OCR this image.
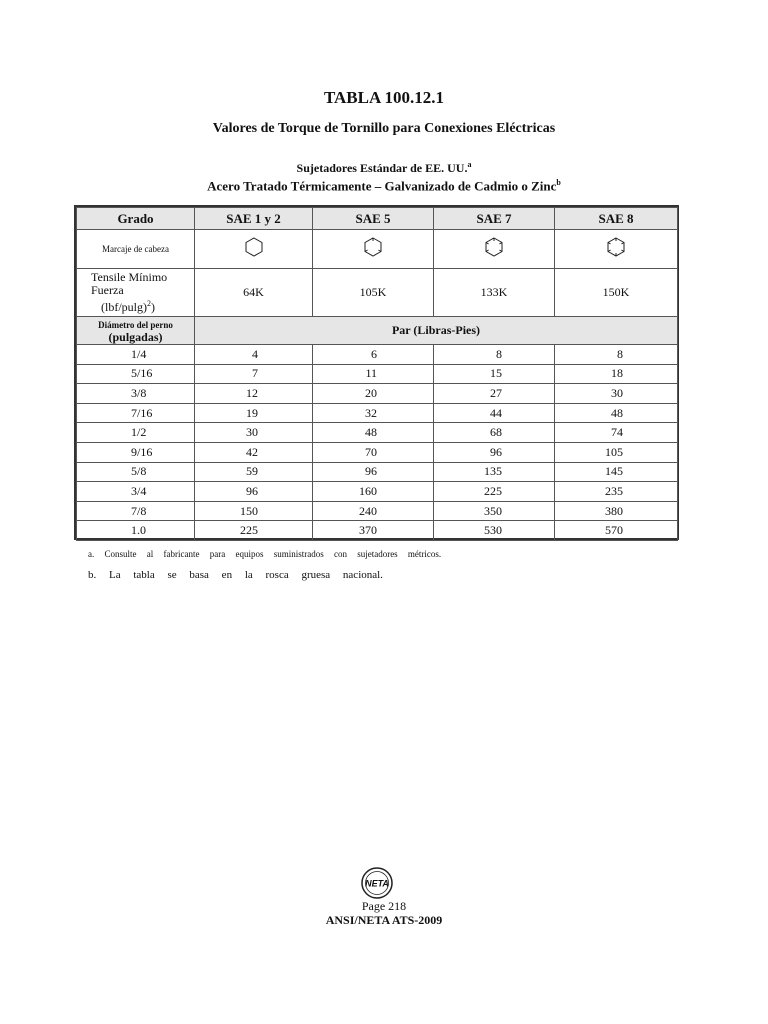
TABLA 100.12.1
Valores de Torque de Tornillo para Conexiones Eléctricas
Sujetadores Estándar de EE. UU.$^a$
Acero Tratado Térmicamente – Galvanizado de Cadmio o Zinc$^b$
Grado	SAE 1 y 2	SAE 5	SAE 7	SAE 8
Marcaje de cabeza				

Tensile Mínimo
Fuerza
$(lbf/pulg)^2$)	64K	105K	133K	150K

Diámetro del perno
(pulgadas)	Par (Libras-Pies)			
1/4	4	6	8	8
5/16	7	11	15	18
3/8	12	20	27	30
7/16	19	32	44	48
1/2	30	48	68	74
9/16	42	70	96	105
5/8	59	96	135	145
3/4	96	160	225	235
7/8	150	240	350	380
1.0	225	370	530	570
a. Consulte al fabricante para equipos suministrados con sujetadores métricos.
b. La tabla se basa en la rosca gruesa nacional.
NETA
Page 218
ANSI/NETA ATS-2009
